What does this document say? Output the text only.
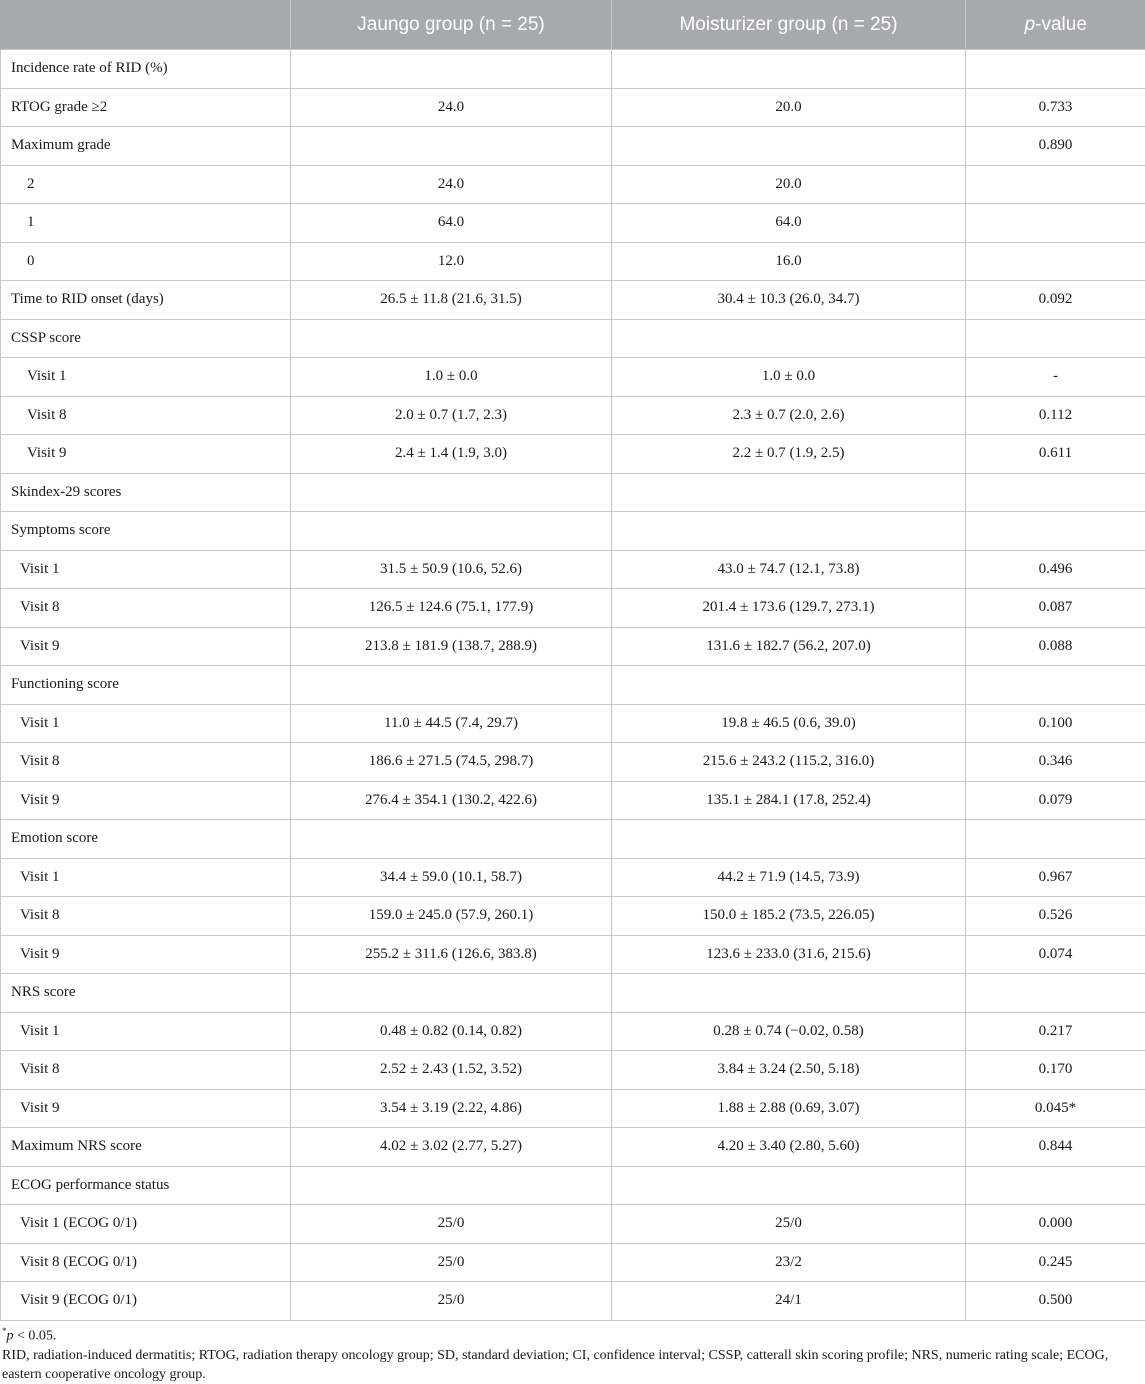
	Jaungo group (n = 25)	Moisturizer group (n = 25)	p-value
Incidence rate of RID (%)			
RTOG grade ≥2	24.0	20.0	0.733
Maximum grade			0.890
2	24.0	20.0	
1	64.0	64.0	
0	12.0	16.0	
Time to RID onset (days)	26.5 ± 11.8 (21.6, 31.5)	30.4 ± 10.3 (26.0, 34.7)	0.092
CSSP score			
Visit 1	1.0 ± 0.0	1.0 ± 0.0	-
Visit 8	2.0 ± 0.7 (1.7, 2.3)	2.3 ± 0.7 (2.0, 2.6)	0.112
Visit 9	2.4 ± 1.4 (1.9, 3.0)	2.2 ± 0.7 (1.9, 2.5)	0.611
Skindex-29 scores			
Symptoms score			
Visit 1	31.5 ± 50.9 (10.6, 52.6)	43.0 ± 74.7 (12.1, 73.8)	0.496
Visit 8	126.5 ± 124.6 (75.1, 177.9)	201.4 ± 173.6 (129.7, 273.1)	0.087
Visit 9	213.8 ± 181.9 (138.7, 288.9)	131.6 ± 182.7 (56.2, 207.0)	0.088
Functioning score			
Visit 1	11.0 ± 44.5 (7.4, 29.7)	19.8 ± 46.5 (0.6, 39.0)	0.100
Visit 8	186.6 ± 271.5 (74.5, 298.7)	215.6 ± 243.2 (115.2, 316.0)	0.346
Visit 9	276.4 ± 354.1 (130.2, 422.6)	135.1 ± 284.1 (17.8, 252.4)	0.079
Emotion score			
Visit 1	34.4 ± 59.0 (10.1, 58.7)	44.2 ± 71.9 (14.5, 73.9)	0.967
Visit 8	159.0 ± 245.0 (57.9, 260.1)	150.0 ± 185.2 (73.5, 226.05)	0.526
Visit 9	255.2 ± 311.6 (126.6, 383.8)	123.6 ± 233.0 (31.6, 215.6)	0.074
NRS score			
Visit 1	0.48 ± 0.82 (0.14, 0.82)	0.28 ± 0.74 (−0.02, 0.58)	0.217
Visit 8	2.52 ± 2.43 (1.52, 3.52)	3.84 ± 3.24 (2.50, 5.18)	0.170
Visit 9	3.54 ± 3.19 (2.22, 4.86)	1.88 ± 2.88 (0.69, 3.07)	0.045*
Maximum NRS score	4.02 ± 3.02 (2.77, 5.27)	4.20 ± 3.40 (2.80, 5.60)	0.844
ECOG performance status			
Visit 1 (ECOG 0/1)	25/0	25/0	0.000
Visit 8 (ECOG 0/1)	25/0	23/2	0.245
Visit 9 (ECOG 0/1)	25/0	24/1	0.500

*p < 0.05.

RID, radiation-induced dermatitis; RTOG, radiation therapy oncology group; SD, standard deviation; CI, confidence interval; CSSP, catterall skin scoring profile; NRS, numeric rating scale; ECOG, eastern cooperative oncology group.
